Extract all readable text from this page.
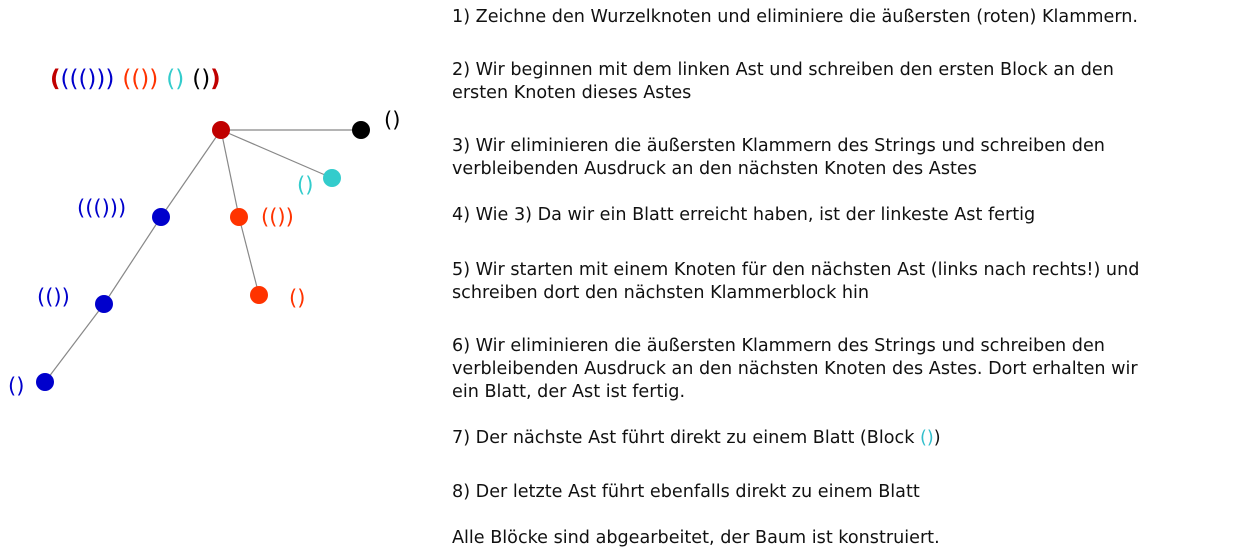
(((())) (()) () ())
()
()
(())
()
((()))
(())
()

1) Zeichne den Wurzelknoten und eliminiere die äußersten (roten) Klammern.

2) Wir beginnen mit dem linken Ast und schreiben den ersten Block an den
ersten Knoten dieses Astes

3) Wir eliminieren die äußersten Klammern des Strings und schreiben den
verbleibenden Ausdruck an den nächsten Knoten des Astes

4) Wie 3) Da wir ein Blatt erreicht haben, ist der linkeste Ast fertig

5) Wir starten mit einem Knoten für den nächsten Ast (links nach rechts!) und
schreiben dort den nächsten Klammerblock hin

6) Wir eliminieren die äußersten Klammern des Strings und schreiben den
verbleibenden Ausdruck an den nächsten Knoten des Astes. Dort erhalten wir
ein Blatt, der Ast ist fertig.

7) Der nächste Ast führt direkt zu einem Blatt (Block ())

8) Der letzte Ast führt ebenfalls direkt zu einem Blatt

Alle Blöcke sind abgearbeitet, der Baum ist konstruiert.
